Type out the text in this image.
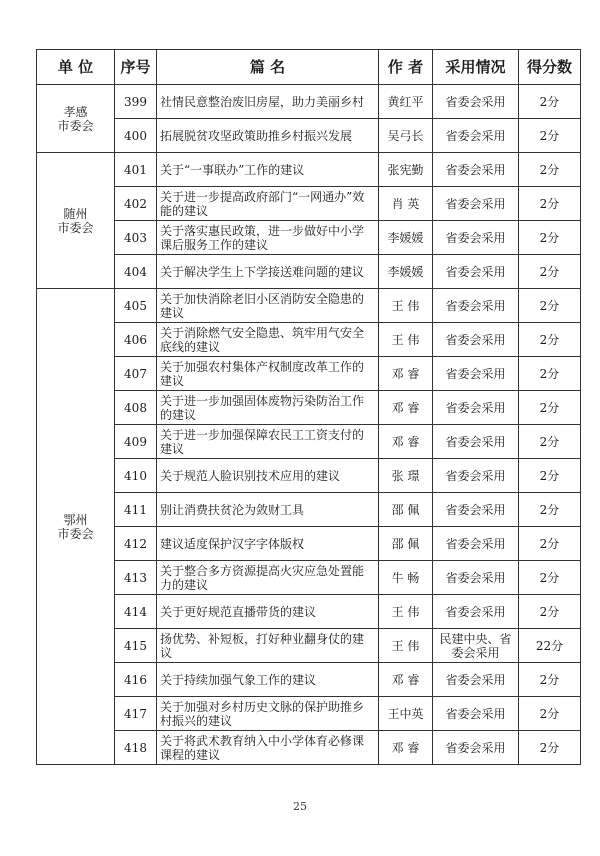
单 位	序号	篇 名	作 者	采用情况	得分数
孝感
市委会	399	社情民意整治废旧房屋，助力美丽乡村	黄红平	省委会采用	2分
	400	拓展脱贫攻坚政策助推乡村振兴发展	吴弓长	省委会采用	2分
随州
市委会	401	关于“一事联办”工作的建议	张宪勤	省委会采用	2分
	402	关于进一步提高政府部门“一网通办”效能的建议	肖 英	省委会采用	2分
	403	关于落实惠民政策，进一步做好中小学课后服务工作的建议	李媛媛	省委会采用	2分
	404	关于解决学生上下学接送难问题的建议	李媛媛	省委会采用	2分
鄂州
市委会	405	关于加快消除老旧小区消防安全隐患的建议	王 伟	省委会采用	2分
	406	关于消除燃气安全隐患、筑牢用气安全底线的建议	王 伟	省委会采用	2分
	407	关于加强农村集体产权制度改革工作的建议	邓 睿	省委会采用	2分
	408	关于进一步加强固体废物污染防治工作的建议	邓 睿	省委会采用	2分
	409	关于进一步加强保障农民工工资支付的建议	邓 睿	省委会采用	2分
	410	关于规范人脸识别技术应用的建议	张 璟	省委会采用	2分
	411	别让消费扶贫沦为敛财工具	邵 佩	省委会采用	2分
	412	建议适度保护汉字字体版权	邵 佩	省委会采用	2分
	413	关于整合多方资源提高火灾应急处置能力的建议	牛 畅	省委会采用	2分
	414	关于更好规范直播带货的建议	王 伟	省委会采用	2分
	415	扬优势、补短板，打好种业翻身仗的建议	王 伟	民建中央、省委会采用	22分
	416	关于持续加强气象工作的建议	邓 睿	省委会采用	2分
	417	关于加强对乡村历史文脉的保护助推乡村振兴的建议	王中英	省委会采用	2分
	418	关于将武术教育纳入中小学体育必修课课程的建议	邓 睿	省委会采用	2分
25
